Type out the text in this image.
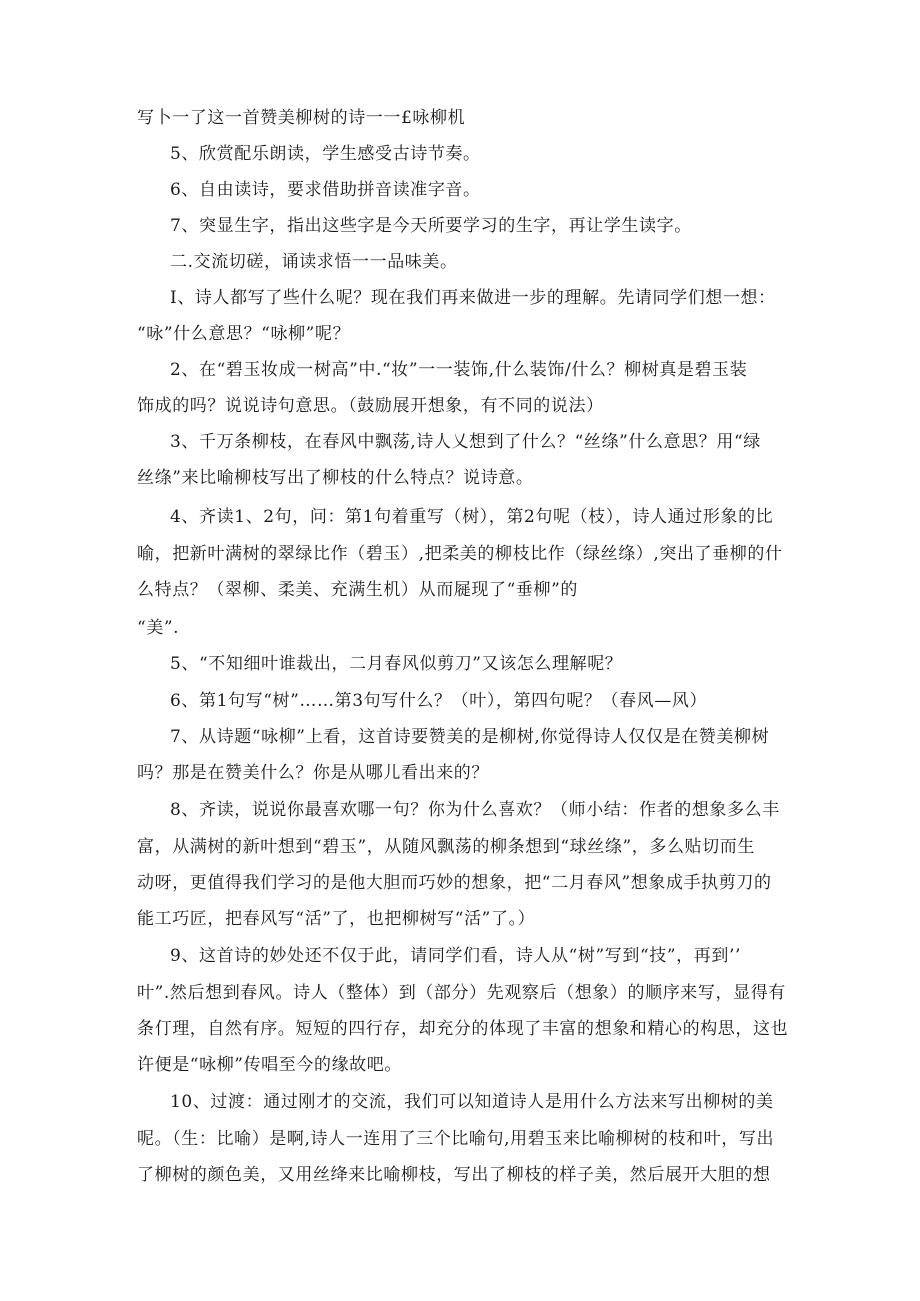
写卜一了这一首赞美柳树的诗一一£咏柳机
5、欣赏配乐朗读，学生感受古诗节奏。
6、自由读诗，要求借助拼音读准字音。
7、突显生字，指出这些字是今天所要学习的生字，再让学生读字。
二.交流切磋，诵读求悟一一品味美。
I、诗人都写了些什么呢？现在我们再来做进一步的理解。先请同学们想一想：
“咏”什么意思？“咏柳”呢？
2、在“碧玉妆成一树高”中.“妆”一一装饰,什么装饰/什么？柳树真是碧玉装
饰成的吗？说说诗句意思。（鼓励展开想象，有不同的说法）
3、千万条柳枝，在春风中飘荡,诗人乂想到了什么？“丝绦”什么意思？用“绿
丝绦”来比喻柳枝写出了柳枝的什么特点？说诗意。
4、齐读1、2句，问：第1句着重写（树），第2句呢（枝），诗人通过形象的比
喻，把新叶满树的翠绿比作（碧玉）,把柔美的柳枝比作（绿丝绦）,突出了垂柳的什
么特点？（翠柳、柔美、充满生机）从而屣现了“垂柳”的
“美”.
5、“不知细叶谁裁出，二月春风似剪刀”又该怎么理解呢？
6、第1句写“树”……第3句写什么？（叶），第四句呢？（春风—风）
7、从诗题“咏柳”上看，这首诗要赞美的是柳树,你觉得诗人仅仅是在赞美柳树
吗？那是在赞美什么？你是从哪儿看出来的？
8、齐读，说说你最喜欢哪一句？你为什么喜欢？（师小结：作者的想象多么丰
富，从满树的新叶想到“碧玉”，从随风飘荡的柳条想到“球丝绦”，多么贴切而生
动呀，更值得我们学习的是他大胆而巧妙的想象，把“二月春风”想象成手执剪刀的
能工巧匠，把春风写“活”了，也把柳树写“活”了。）
9、这首诗的妙处还不仅于此，请同学们看，诗人从“树”写到“技”，再到’’
叶”.然后想到春风。诗人（整体）到（部分）先观察后（想象）的顺序来写，显得有
条仃理，自然有序。短短的四行存，却充分的体现了丰富的想象和精心的构思，这也
许便是“咏柳”传唱至今的缘故吧。
10、过渡：通过刚才的交流，我们可以知道诗人是用什么方法来写出柳树的美
呢。（生：比喻）是啊,诗人一连用了三个比喻句,用碧玉来比喻柳树的枝和叶，写出
了柳树的颜色美，又用丝绛来比喻柳枝，写出了柳枝的样子美，然后展开大胆的想
